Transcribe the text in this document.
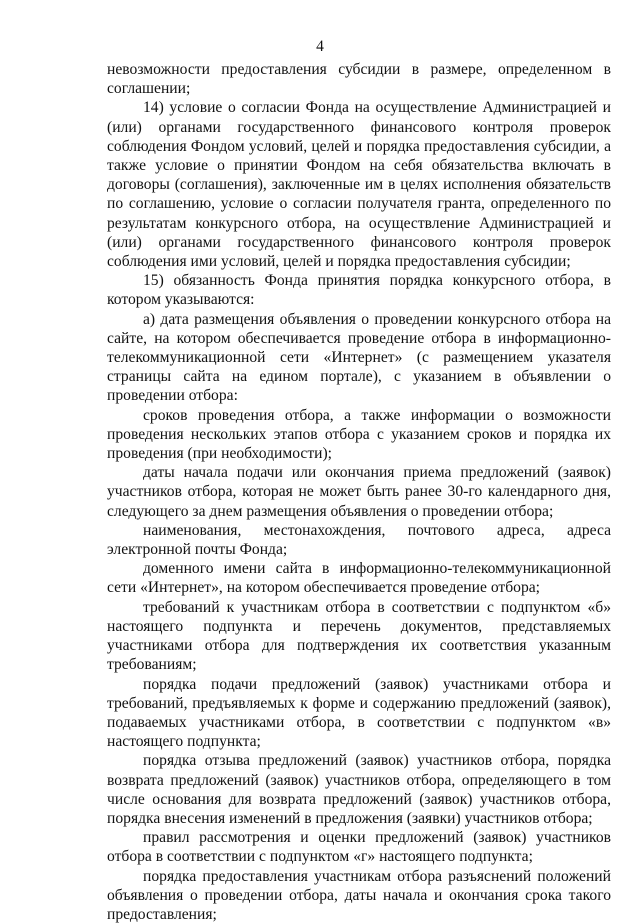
4

невозможности предоставления субсидии в размере, определенном в соглашении;

14) условие о согласии Фонда на осуществление Администрацией и (или) органами государственного финансового контроля проверок соблюдения Фондом условий, целей и порядка предоставления субсидии, а также условие о принятии Фондом на себя обязательства включать в договоры (соглашения), заключенные им в целях исполнения обязательств по соглашению, условие о согласии получателя гранта, определенного по результатам конкурсного отбора, на осуществление Администрацией и (или) органами государственного финансового контроля проверок соблюдения ими условий, целей и порядка предоставления субсидии;

15) обязанность Фонда принятия порядка конкурсного отбора, в котором указываются:

а) дата размещения объявления о проведении конкурсного отбора на сайте, на котором обеспечивается проведение отбора в информационно-телекоммуникационной сети «Интернет» (с размещением указателя страницы сайта на едином портале), с указанием в объявлении о проведении отбора:

сроков проведения отбора, а также информации о возможности проведения нескольких этапов отбора с указанием сроков и порядка их проведения (при необходимости);

даты начала подачи или окончания приема предложений (заявок) участников отбора, которая не может быть ранее 30-го календарного дня, следующего за днем размещения объявления о проведении отбора;

наименования, местонахождения, почтового адреса, адреса электронной почты Фонда;

доменного имени сайта в информационно-телекоммуникационной сети «Интернет», на котором обеспечивается проведение отбора;

требований к участникам отбора в соответствии с подпунктом «б» настоящего подпункта и перечень документов, представляемых участниками отбора для подтверждения их соответствия указанным требованиям;

порядка подачи предложений (заявок) участниками отбора и требований, предъявляемых к форме и содержанию предложений (заявок), подаваемых участниками отбора, в соответствии с подпунктом «в» настоящего подпункта;

порядка отзыва предложений (заявок) участников отбора, порядка возврата предложений (заявок) участников отбора, определяющего в том числе основания для возврата предложений (заявок) участников отбора, порядка внесения изменений в предложения (заявки) участников отбора;

правил рассмотрения и оценки предложений (заявок) участников отбора в соответствии с подпунктом «г» настоящего подпункта;

порядка предоставления участникам отбора разъяснений положений объявления о проведении отбора, даты начала и окончания срока такого предоставления;
